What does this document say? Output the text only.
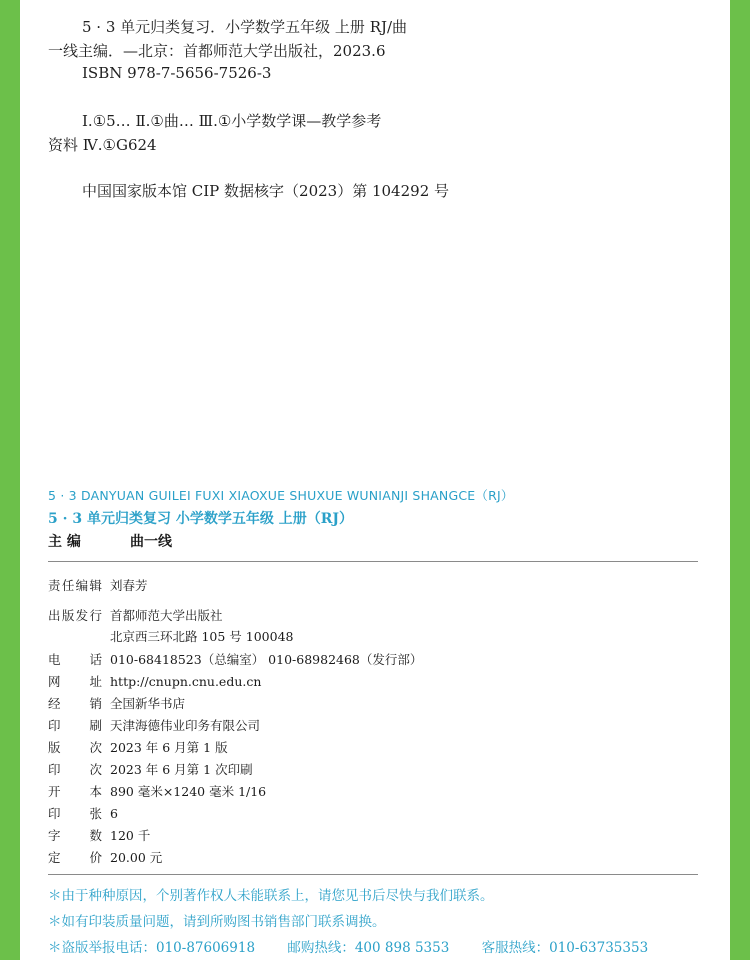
5 · 3 单元归类复习．小学数学五年级 上册 RJ/曲
一线主编．—北京：首都师范大学出版社，2023.6
ISBN 978-7-5656-7526-3
Ⅰ.①5… Ⅱ.①曲… Ⅲ.①小学数学课—教学参考
资料 Ⅳ.①G624
中国国家版本馆 CIP 数据核字（2023）第 104292 号
5 · 3 DANYUAN GUILEI FUXI XIAOXUE SHUXUE WUNIANJI SHANGCE（RJ）
5 · 3 单元归类复习 小学数学五年级 上册（RJ）
主 编	曲一线
责任编辑 刘春芳
出版发行 首都师范大学出版社
北京西三环北路 105 号 100048
电 话 010-68418523（总编室） 010-68982468（发行部）
网 址 http://cnupn.cnu.edu.cn
经 销 全国新华书店
印 刷 天津海德伟业印务有限公司
版 次 2023 年 6 月第 1 版
印 次 2023 年 6 月第 1 次印刷
开 本 890 毫米×1240 毫米 1/16
印 张 6
字 数 120 千
定 价 20.00 元
＊由于种种原因，个别著作权人未能联系上，请您见书后尽快与我们联系。
＊如有印装质量问题，请到所购图书销售部门联系调换。
＊盗版举报电话：010-87606918 邮购热线：400 898 5353 客服热线：010-63735353
